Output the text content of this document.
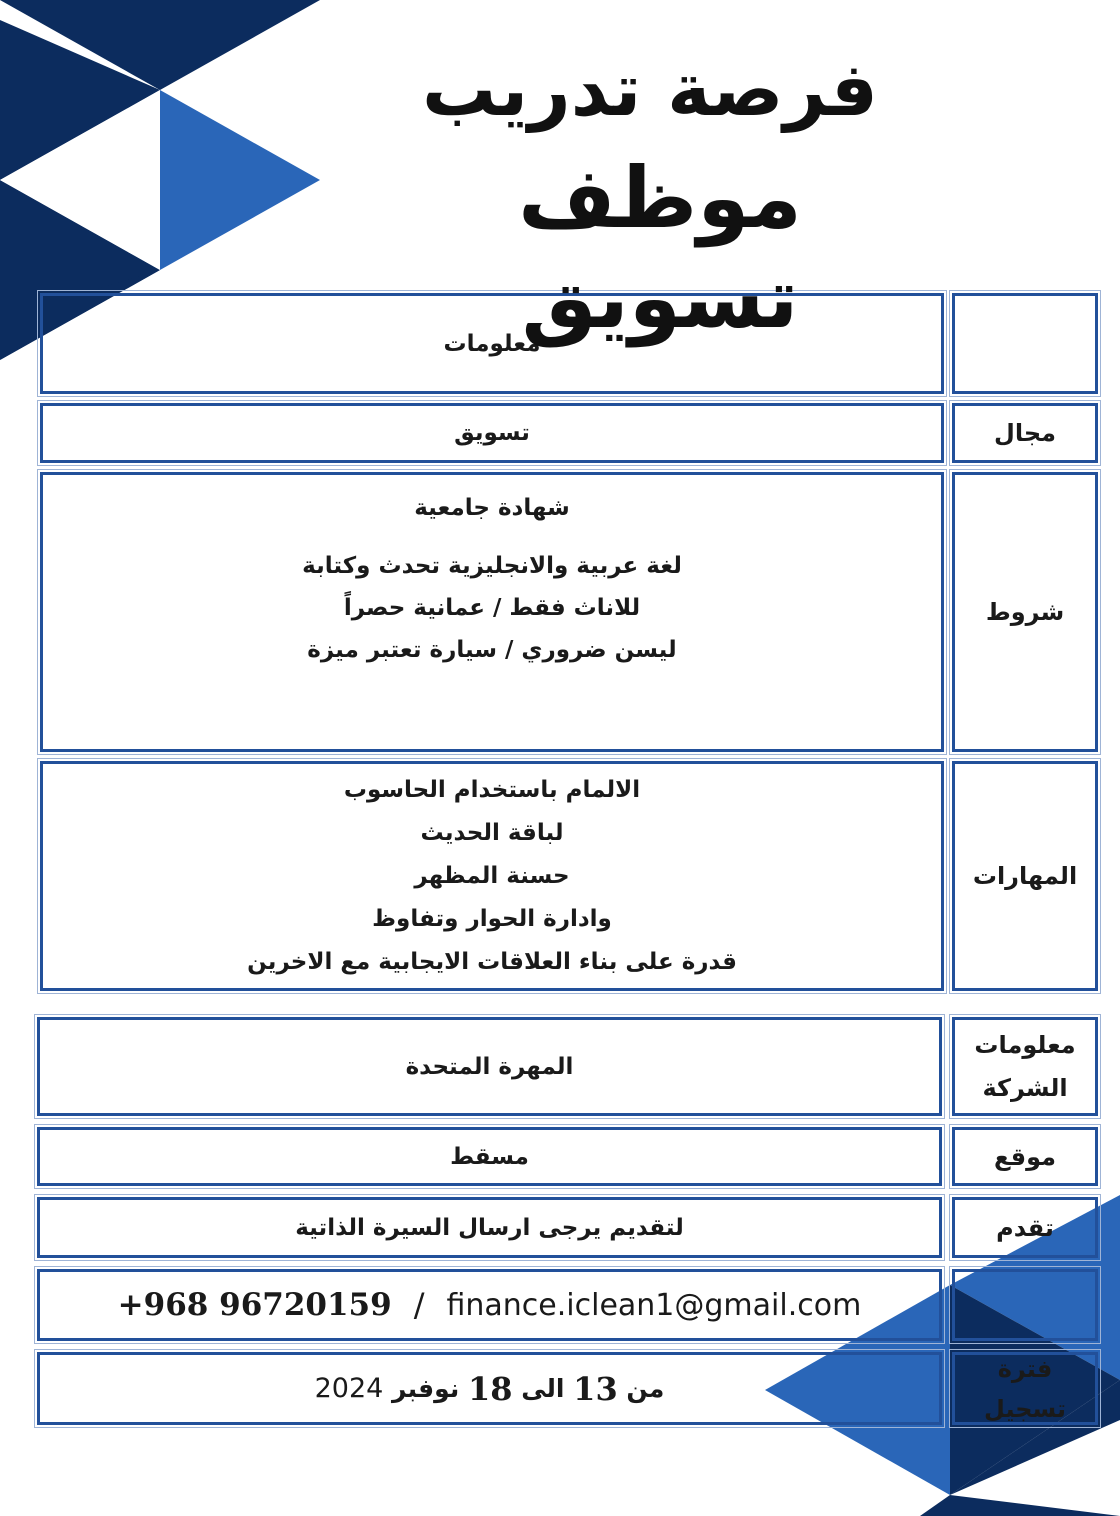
فرصة تدريب
موظف تسويق
معلومات
مجال
تسويق
شروط
شهادة جامعية
لغة عربية والانجليزية تحدث وكتابة
للاناث فقط / عمانية حصراً
ليسن ضروري / سيارة تعتبر ميزة
المهارات
الالمام باستخدام الحاسوب
لباقة الحديث
حسنة المظهر
وادارة الحوار وتفاوظ
قدرة على بناء العلاقات الايجابية مع الاخرين
معلومات
الشركة
المهرة المتحدة
موقع
مسقط
تقدم
لتقديم يرجى ارسال السيرة الذاتية
+968 96720159 / finance.iclean1@gmail.com
فترة تسجيل
من

13

الى

18

نوفبر

2024
